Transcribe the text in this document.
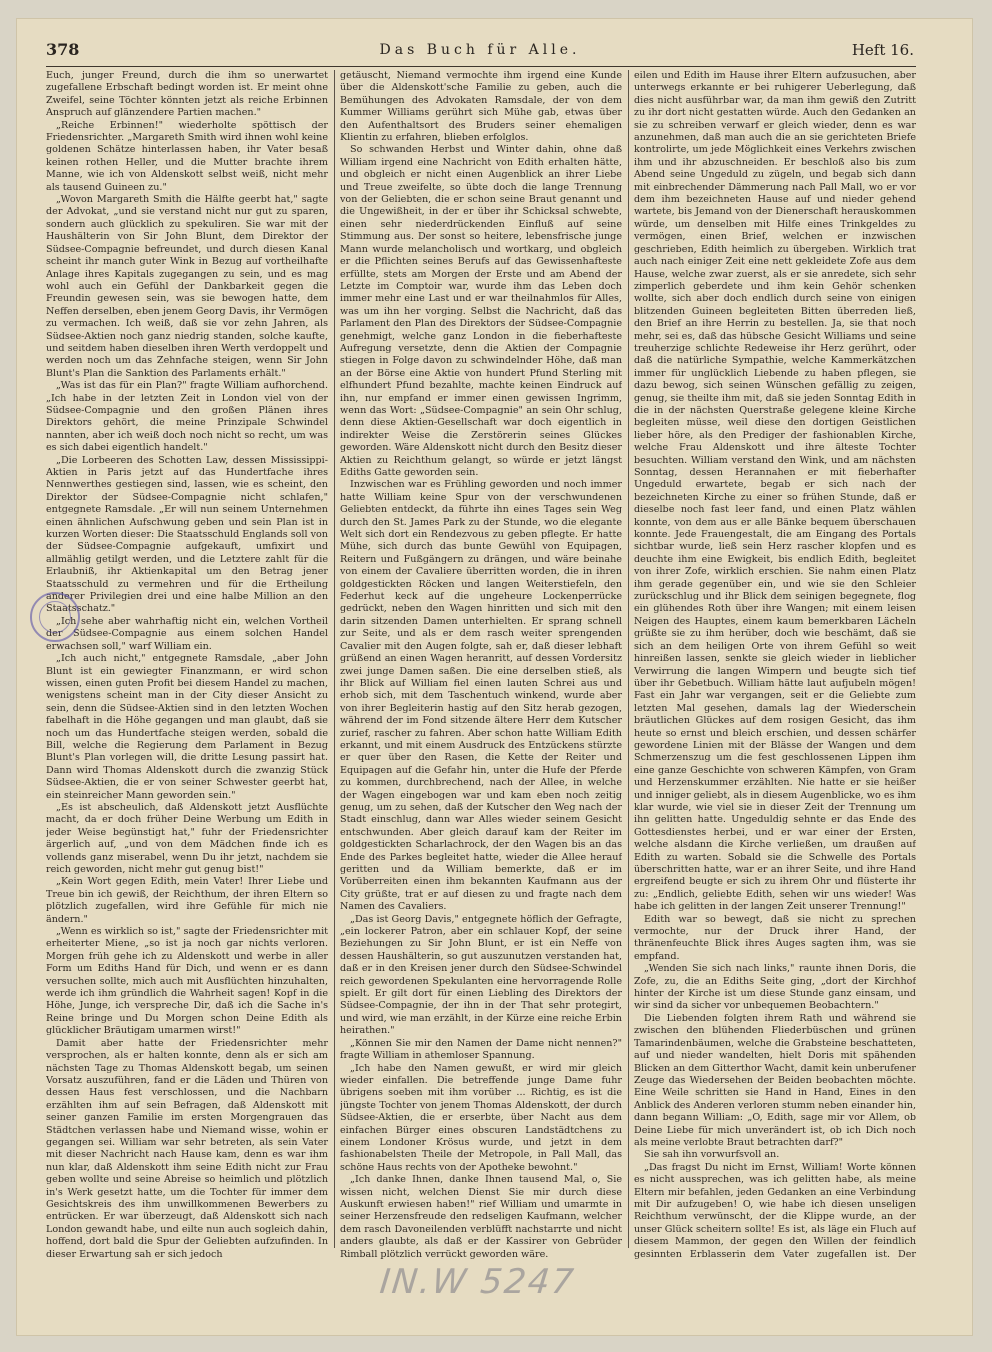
378	Das Buch für Alle.	Heft 16.

Euch, junger Freund, durch die ihm so unerwartet zugefallene Erbschaft bedingt worden ist. Er meint ohne Zweifel, seine Töchter könnten jetzt als reiche Erbinnen Anspruch auf glänzendere Partien machen."

„Reiche Erbinnen!" wiederholte spöttisch der Friedensrichter. „Margareth Smith wird ihnen wohl keine goldenen Schätze hinterlassen haben, ihr Vater besaß keinen rothen Heller, und die Mutter brachte ihrem Manne, wie ich von Aldenskott selbst weiß, nicht mehr als tausend Guineen zu."

„Wovon Margareth Smith die Hälfte geerbt hat," sagte der Advokat, „und sie verstand nicht nur gut zu sparen, sondern auch glücklich zu spekuliren. Sie war mit der Haushälterin von Sir John Blunt, dem Direktor der Südsee-Compagnie befreundet, und durch diesen Kanal scheint ihr manch guter Wink in Bezug auf vortheilhafte Anlage ihres Kapitals zugegangen zu sein, und es mag wohl auch ein Gefühl der Dankbarkeit gegen die Freundin gewesen sein, was sie bewogen hatte, dem Neffen derselben, eben jenem Georg Davis, ihr Vermögen zu vermachen. Ich weiß, daß sie vor zehn Jahren, als Südsee-Aktien noch ganz niedrig standen, solche kaufte, und seitdem haben dieselben ihren Werth verdoppelt und werden noch um das Zehnfache steigen, wenn Sir John Blunt's Plan die Sanktion des Parlaments erhält."

„Was ist das für ein Plan?" fragte William aufhorchend. „Ich habe in der letzten Zeit in London viel von der Südsee-Compagnie und den großen Plänen ihres Direktors gehört, die meine Prinzipale Schwindel nannten, aber ich weiß doch noch nicht so recht, um was es sich dabei eigentlich handelt."

„Die Lorbeeren des Schotten Law, dessen Mississippi-Aktien in Paris jetzt auf das Hundertfache ihres Nennwerthes gestiegen sind, lassen, wie es scheint, den Direktor der Südsee-Compagnie nicht schlafen," entgegnete Ramsdale. „Er will nun seinem Unternehmen einen ähnlichen Aufschwung geben und sein Plan ist in kurzen Worten dieser: Die Staatsschuld Englands soll von der Südsee-Compagnie aufgekauft, umfixirt und allmählig getilgt werden, und die Letztere zahlt für die Erlaubniß, ihr Aktienkapital um den Betrag jener Staatsschuld zu vermehren und für die Ertheilung anderer Privilegien drei und eine halbe Million an den Staatsschatz."

„Ich sehe aber wahrhaftig nicht ein, welchen Vortheil der Südsee-Compagnie aus einem solchen Handel erwachsen soll," warf William ein.

„Ich auch nicht," entgegnete Ramsdale, „aber John Blunt ist ein gewiegter Finanzmann, er wird schon wissen, einen guten Profit bei diesem Handel zu machen, wenigstens scheint man in der City dieser Ansicht zu sein, denn die Südsee-Aktien sind in den letzten Wochen fabelhaft in die Höhe gegangen und man glaubt, daß sie noch um das Hundertfache steigen werden, sobald die Bill, welche die Regierung dem Parlament in Bezug Blunt's Plan vorlegen will, die dritte Lesung passirt hat. Dann wird Thomas Aldenskott durch die zwanzig Stück Südsee-Aktien, die er von seiner Schwester geerbt hat, ein steinreicher Mann geworden sein."

„Es ist abscheulich, daß Aldenskott jetzt Ausflüchte macht, da er doch früher Deine Werbung um Edith in jeder Weise begünstigt hat," fuhr der Friedensrichter ärgerlich auf, „und von dem Mädchen finde ich es vollends ganz miserabel, wenn Du ihr jetzt, nachdem sie reich geworden, nicht mehr gut genug bist!"

„Kein Wort gegen Edith, mein Vater! Ihrer Liebe und Treue bin ich gewiß, der Reichthum, der ihren Eltern so plötzlich zugefallen, wird ihre Gefühle für mich nie ändern."

„Wenn es wirklich so ist," sagte der Friedensrichter mit erheiterter Miene, „so ist ja noch gar nichts verloren. Morgen früh gehe ich zu Aldenskott und werbe in aller Form um Ediths Hand für Dich, und wenn er es dann versuchen sollte, mich auch mit Ausflüchten hinzuhalten, werde ich ihm gründlich die Wahrheit sagen! Kopf in die Höhe, Junge, ich verspreche Dir, daß ich die Sache in's Reine bringe und Du Morgen schon Deine Edith als glücklicher Bräutigam umarmen wirst!"

Damit aber hatte der Friedensrichter mehr versprochen, als er halten konnte, denn als er sich am nächsten Tage zu Thomas Aldenskott begab, um seinen Vorsatz auszuführen, fand er die Läden und Thüren von dessen Haus fest verschlossen, und die Nachbarn erzählten ihm auf sein Befragen, daß Aldenskott mit seiner ganzen Familie im ersten Morgengrauen das Städtchen verlassen habe und Niemand wisse, wohin er gegangen sei. William war sehr betreten, als sein Vater mit dieser Nachricht nach Hause kam, denn es war ihm nun klar, daß Aldenskott ihm seine Edith nicht zur Frau geben wollte und seine Abreise so heimlich und plötzlich in's Werk gesetzt hatte, um die Tochter für immer dem Gesichtskreis des ihm unwillkommenen Bewerbers zu entrücken. Er war überzeugt, daß Aldenskott sich nach London gewandt habe, und eilte nun auch sogleich dahin, hoffend, dort bald die Spur der Geliebten aufzufinden. In dieser Erwartung sah er sich jedoch

getäuscht, Niemand vermochte ihm irgend eine Kunde über die Aldenskott'sche Familie zu geben, auch die Bemühungen des Advokaten Ramsdale, der von dem Kummer Williams gerührt sich Mühe gab, etwas über den Aufenthaltsort des Bruders seiner ehemaligen Klientin zu erfahren, blieben erfolglos.

So schwanden Herbst und Winter dahin, ohne daß William irgend eine Nachricht von Edith erhalten hätte, und obgleich er nicht einen Augenblick an ihrer Liebe und Treue zweifelte, so übte doch die lange Trennung von der Geliebten, die er schon seine Braut genannt und die Ungewißheit, in der er über ihr Schicksal schwebte, einen sehr niederdrückenden Einfluß auf seine Stimmung aus. Der sonst so heitere, lebensfrische junge Mann wurde melancholisch und wortkarg, und obgleich er die Pflichten seines Berufs auf das Gewissenhafteste erfüllte, stets am Morgen der Erste und am Abend der Letzte im Comptoir war, wurde ihm das Leben doch immer mehr eine Last und er war theilnahmlos für Alles, was um ihn her vorging. Selbst die Nachricht, daß das Parlament den Plan des Direktors der Südsee-Compagnie genehmigt, welche ganz London in die fieberhafteste Aufregung versetzte, denn die Aktien der Compagnie stiegen in Folge davon zu schwindelnder Höhe, daß man an der Börse eine Aktie von hundert Pfund Sterling mit elfhundert Pfund bezahlte, machte keinen Eindruck auf ihn, nur empfand er immer einen gewissen Ingrimm, wenn das Wort: „Südsee-Compagnie" an sein Ohr schlug, denn diese Aktien-Gesellschaft war doch eigentlich in indirekter Weise die Zerstörerin seines Glückes geworden. Wäre Aldenskott nicht durch den Besitz dieser Aktien zu Reichthum gelangt, so würde er jetzt längst Ediths Gatte geworden sein.

Inzwischen war es Frühling geworden und noch immer hatte William keine Spur von der verschwundenen Geliebten entdeckt, da führte ihn eines Tages sein Weg durch den St. James Park zu der Stunde, wo die elegante Welt sich dort ein Rendezvous zu geben pflegte. Er hatte Mühe, sich durch das bunte Gewühl von Equipagen, Reitern und Fußgängern zu drängen, und wäre beinahe von einem der Cavaliere überritten worden, die in ihren goldgestickten Röcken und langen Weiterstiefeln, den Federhut keck auf die ungeheure Lockenperrücke gedrückt, neben den Wagen hinritten und sich mit den darin sitzenden Damen unterhielten. Er sprang schnell zur Seite, und als er dem rasch weiter sprengenden Cavalier mit den Augen folgte, sah er, daß dieser lebhaft grüßend an einen Wagen heranritt, auf dessen Vordersitz zwei junge Damen saßen. Die eine derselben stieß, als ihr Blick auf William fiel einen lauten Schrei aus und erhob sich, mit dem Taschentuch winkend, wurde aber von ihrer Begleiterin hastig auf den Sitz herab gezogen, während der im Fond sitzende ältere Herr dem Kutscher zurief, rascher zu fahren. Aber schon hatte William Edith erkannt, und mit einem Ausdruck des Entzückens stürzte er quer über den Rasen, die Kette der Reiter und Equipagen auf die Gefahr hin, unter die Hufe der Pferde zu kommen, durchbrechend, nach der Allee, in welche der Wagen eingebogen war und kam eben noch zeitig genug, um zu sehen, daß der Kutscher den Weg nach der Stadt einschlug, dann war Alles wieder seinem Gesicht entschwunden. Aber gleich darauf kam der Reiter im goldgestickten Scharlachrock, der den Wagen bis an das Ende des Parkes begleitet hatte, wieder die Allee herauf geritten und da William bemerkte, daß er im Vorüberreiten einen ihm bekannten Kaufmann aus der City grüßte, trat er auf diesen zu und fragte nach dem Namen des Cavaliers.

„Das ist Georg Davis," entgegnete höflich der Gefragte, „ein lockerer Patron, aber ein schlauer Kopf, der seine Beziehungen zu Sir John Blunt, er ist ein Neffe von dessen Haushälterin, so gut auszunutzen verstanden hat, daß er in den Kreisen jener durch den Südsee-Schwindel reich gewordenen Spekulanten eine hervorragende Rolle spielt. Er gilt dort für einen Liebling des Direktors der Südsee-Compagnie, der ihn in der That sehr protegirt, und wird, wie man erzählt, in der Kürze eine reiche Erbin heirathen."

„Können Sie mir den Namen der Dame nicht nennen?" fragte William in athemloser Spannung.

„Ich habe den Namen gewußt, er wird mir gleich wieder einfallen. Die betreffende junge Dame fuhr übrigens soeben mit ihm vorüber ... Richtig, es ist die jüngste Tochter von jenem Thomas Aldenskott, der durch Südsee-Aktien, die er erserbte, über Nacht aus dem einfachen Bürger eines obscuren Landstädtchens zu einem Londoner Krösus wurde, und jetzt in dem fashionabelsten Theile der Metropole, in Pall Mall, das schöne Haus rechts von der Apotheke bewohnt."

„Ich danke Ihnen, danke Ihnen tausend Mal, o, Sie wissen nicht, welchen Dienst Sie mir durch diese Auskunft erwiesen haben!" rief William und umarmte in seiner Herzensfreude den redseligen Kaufmann, welcher dem rasch Davoneilenden verblüfft nachstarrte und nicht anders glaubte, als daß er der Kassirer von Gebrüder Rimball plötzlich verrückt geworden wäre.

eilen und Edith im Hause ihrer Eltern aufzusuchen, aber unterwegs erkannte er bei ruhigerer Ueberlegung, daß dies nicht ausführbar war, da man ihm gewiß den Zutritt zu ihr dort nicht gestatten würde. Auch den Gedanken an sie zu schreiben verwarf er gleich wieder, denn es war anzunehmen, daß man auch die an sie gerichteten Briefe kontrolirte, um jede Möglichkeit eines Verkehrs zwischen ihm und ihr abzuschneiden. Er beschloß also bis zum Abend seine Ungeduld zu zügeln, und begab sich dann mit einbrechender Dämmerung nach Pall Mall, wo er vor dem ihm bezeichneten Hause auf und nieder gehend wartete, bis Jemand von der Dienerschaft herauskommen würde, um denselben mit Hilfe eines Trinkgeldes zu vermögen, einen Brief, welchen er inzwischen geschrieben, Edith heimlich zu übergeben. Wirklich trat auch nach einiger Zeit eine nett gekleidete Zofe aus dem Hause, welche zwar zuerst, als er sie anredete, sich sehr zimperlich geberdete und ihm kein Gehör schenken wollte, sich aber doch endlich durch seine von einigen blitzenden Guineen begleiteten Bitten überreden ließ, den Brief an ihre Herrin zu bestellen. Ja, sie that noch mehr, sei es, daß das hübsche Gesicht Williams und seine treuherzige schlichte Redeweise ihr Herz gerührt, oder daß die natürliche Sympathie, welche Kammerkätzchen immer für unglücklich Liebende zu haben pflegen, sie dazu bewog, sich seinen Wünschen gefällig zu zeigen, genug, sie theilte ihm mit, daß sie jeden Sonntag Edith in die in der nächsten Querstraße gelegene kleine Kirche begleiten müsse, weil diese den dortigen Geistlichen lieber höre, als den Prediger der fashionablen Kirche, welche Frau Aldenskott und ihre älteste Tochter besuchten. William verstand den Wink, und am nächsten Sonntag, dessen Herannahen er mit fieberhafter Ungeduld erwartete, begab er sich nach der bezeichneten Kirche zu einer so frühen Stunde, daß er dieselbe noch fast leer fand, und einen Platz wählen konnte, von dem aus er alle Bänke bequem überschauen konnte. Jede Frauengestalt, die am Eingang des Portals sichtbar wurde, ließ sein Herz rascher klopfen und es deuchte ihm eine Ewigkeit, bis endlich Edith, begleitet von ihrer Zofe, wirklich erschien. Sie nahm einen Platz ihm gerade gegenüber ein, und wie sie den Schleier zurückschlug und ihr Blick dem seinigen begegnete, flog ein glühendes Roth über ihre Wangen; mit einem leisen Neigen des Hauptes, einem kaum bemerkbaren Lächeln grüßte sie zu ihm herüber, doch wie beschämt, daß sie sich an dem heiligen Orte von ihrem Gefühl so weit hinreißen lassen, senkte sie gleich wieder in lieblicher Verwirrung die langen Wimpern und beugte sich tief über ihr Gebetbuch. William hätte laut aufjubeln mögen! Fast ein Jahr war vergangen, seit er die Geliebte zum letzten Mal gesehen, damals lag der Wiederschein bräutlichen Glückes auf dem rosigen Gesicht, das ihm heute so ernst und bleich erschien, und dessen schärfer gewordene Linien mit der Blässe der Wangen und dem Schmerzenszug um die fest geschlossenen Lippen ihm eine ganze Geschichte von schweren Kämpfen, von Gram und Herzenskummer erzählten. Nie hatte er sie heißer und inniger geliebt, als in diesem Augenblicke, wo es ihm klar wurde, wie viel sie in dieser Zeit der Trennung um ihn gelitten hatte. Ungeduldig sehnte er das Ende des Gottesdienstes herbei, und er war einer der Ersten, welche alsdann die Kirche verließen, um draußen auf Edith zu warten. Sobald sie die Schwelle des Portals überschritten hatte, war er an ihrer Seite, und ihre Hand ergreifend beugte er sich zu ihrem Ohr und flüsterte ihr zu: „Endlich, geliebte Edith, sehen wir uns wieder! Was habe ich gelitten in der langen Zeit unserer Trennung!"

Edith war so bewegt, daß sie nicht zu sprechen vermochte, nur der Druck ihrer Hand, der thränenfeuchte Blick ihres Auges sagten ihm, was sie empfand.

„Wenden Sie sich nach links," raunte ihnen Doris, die Zofe, zu, die an Ediths Seite ging, „dort der Kirchhof hinter der Kirche ist um diese Stunde ganz einsam, und wir sind da sicher vor unbequemen Beobachtern."

Die Liebenden folgten ihrem Rath und während sie zwischen den blühenden Fliederbüschen und grünen Tamarindenbäumen, welche die Grabsteine beschatteten, auf und nieder wandelten, hielt Doris mit spähenden Blicken an dem Gitterthor Wacht, damit kein unberufener Zeuge das Wiedersehen der Beiden beobachten möchte. Eine Weile schritten sie Hand in Hand, Eines in den Anblick des Anderen verloren stumm neben einander hin, dann begann William: „O, Edith, sage mir vor Allem, ob Deine Liebe für mich unverändert ist, ob ich Dich noch als meine verlobte Braut betrachten darf?"

Sie sah ihn vorwurfsvoll an.

„Das fragst Du nicht im Ernst, William! Worte können es nicht aussprechen, was ich gelitten habe, als meine Eltern mir befahlen, jeden Gedanken an eine Verbindung mit Dir aufzugeben! O, wie habe ich diesen unseligen Reichthum verwünscht, der die Klippe wurde, an der unser Glück scheitern sollte! Es ist, als läge ein Fluch auf diesem Mammon, der gegen den Willen der feindlich gesinnten Erblasserin dem Vater zugefallen ist. Der

IN.W 5247
